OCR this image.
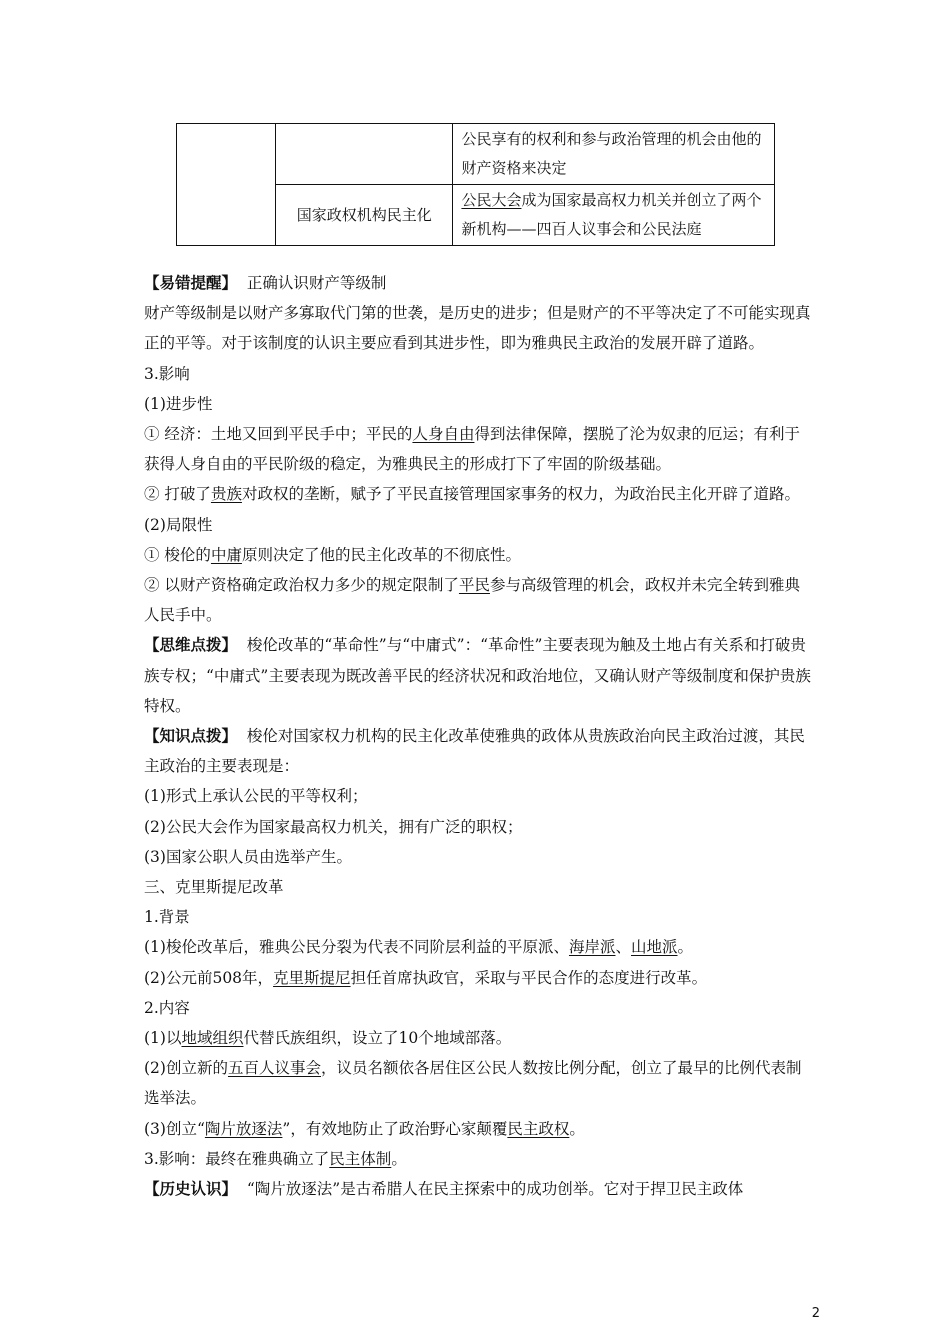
		公民享有的权利和参与政治管理的机会由他的财产资格来决定
	国家政权机构民主化	公民大会成为国家最高权力机关并创立了两个新机构——四百人议事会和公民法庭

【易错提醒】 正确认识财产等级制

财产等级制是以财产多寡取代门第的世袭，是历史的进步；但是财产的不平等决定了不可能实现真正的平等。对于该制度的认识主要应看到其进步性，即为雅典民主政治的发展开辟了道路。

3.影响

(1)进步性

① 经济：土地又回到平民手中；平民的人身自由得到法律保障，摆脱了沦为奴隶的厄运；有利于获得人身自由的平民阶级的稳定，为雅典民主的形成打下了牢固的阶级基础。

② 打破了贵族对政权的垄断，赋予了平民直接管理国家事务的权力，为政治民主化开辟了道路。

(2)局限性

① 梭伦的中庸原则决定了他的民主化改革的不彻底性。

② 以财产资格确定政治权力多少的规定限制了平民参与高级管理的机会，政权并未完全转到雅典人民手中。

【思维点拨】 梭伦改革的“革命性”与“中庸式”：“革命性”主要表现为触及土地占有关系和打破贵族专权；“中庸式”主要表现为既改善平民的经济状况和政治地位，又确认财产等级制度和保护贵族特权。

【知识点拨】 梭伦对国家权力机构的民主化改革使雅典的政体从贵族政治向民主政治过渡，其民主政治的主要表现是：

(1)形式上承认公民的平等权利；

(2)公民大会作为国家最高权力机关，拥有广泛的职权；

(3)国家公职人员由选举产生。

三、克里斯提尼改革

1.背景

(1)梭伦改革后，雅典公民分裂为代表不同阶层利益的平原派、海岸派、山地派。

(2)公元前508年，克里斯提尼担任首席执政官，采取与平民合作的态度进行改革。

2.内容

(1)以地域组织代替氏族组织，设立了10个地域部落。

(2)创立新的五百人议事会，议员名额依各居住区公民人数按比例分配，创立了最早的比例代表制选举法。

(3)创立“陶片放逐法”，有效地防止了政治野心家颠覆民主政权。

3.影响：最终在雅典确立了民主体制。

【历史认识】 “陶片放逐法”是古希腊人在民主探索中的成功创举。它对于捍卫民主政体

2
